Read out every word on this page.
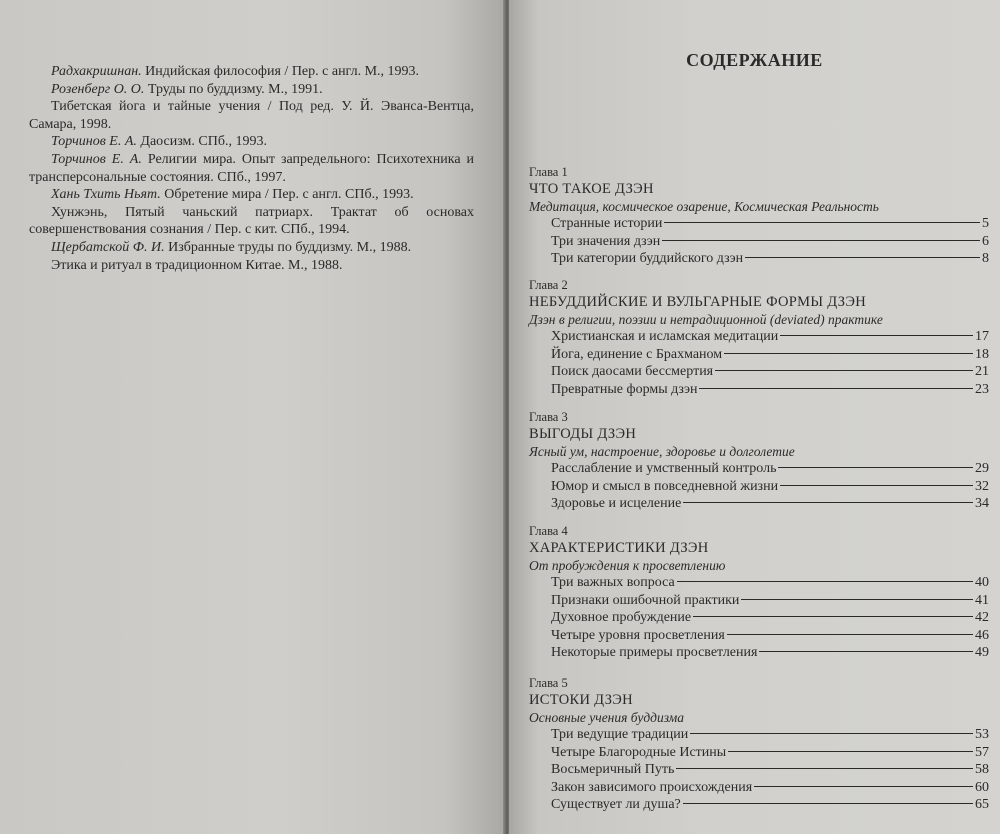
Радхакришнан. Индийская философия / Пер. с англ. М., 1993.
Розенберг О. О. Труды по буддизму. М., 1991.
Тибетская йога и тайные учения / Под ред. У. Й. Эванса-Вентца, Самара, 1998.
Торчинов Е. А. Даосизм. СПб., 1993.
Торчинов Е. А. Религии мира. Опыт запредельного: Психотехника и трансперсональные состояния. СПб., 1997.
Хань Тхить Ньят. Обретение мира / Пер. с англ. СПб., 1993.
Хунжэнь, Пятый чаньский патриарх. Трактат об основах совершенствования сознания / Пер. с кит. СПб., 1994.
Щербатской Ф. И. Избранные труды по буддизму. М., 1988.
Этика и ритуал в традиционном Китае. М., 1988.
СОДЕРЖАНИЕ
Глава 1
ЧТО ТАКОЕ ДЗЭН
Медитация, космическое озарение, Космическая Реальность
Странные истории	5
Три значения дзэн	6
Три категории буддийского дзэн	8
Глава 2
НЕБУДДИЙСКИЕ И ВУЛЬГАРНЫЕ ФОРМЫ ДЗЭН
Дзэн в религии, поэзии и нетрадиционной (deviated) практике
Христианская и исламская медитации	17
Йога, единение с Брахманом	18
Поиск даосами бессмертия	21
Превратные формы дзэн	23
Глава 3
ВЫГОДЫ ДЗЭН
Ясный ум, настроение, здоровье и долголетие
Расслабление и умственный контроль	29
Юмор и смысл в повседневной жизни	32
Здоровье и исцеление	34
Глава 4
ХАРАКТЕРИСТИКИ ДЗЭН
От пробуждения к просветлению
Три важных вопроса	40
Признаки ошибочной практики	41
Духовное пробуждение	42
Четыре уровня просветления	46
Некоторые примеры просветления	49
Глава 5
ИСТОКИ ДЗЭН
Основные учения буддизма
Три ведущие традиции	53
Четыре Благородные Истины	57
Восьмеричный Путь	58
Закон зависимого происхождения	60
Существует ли душа?	65
